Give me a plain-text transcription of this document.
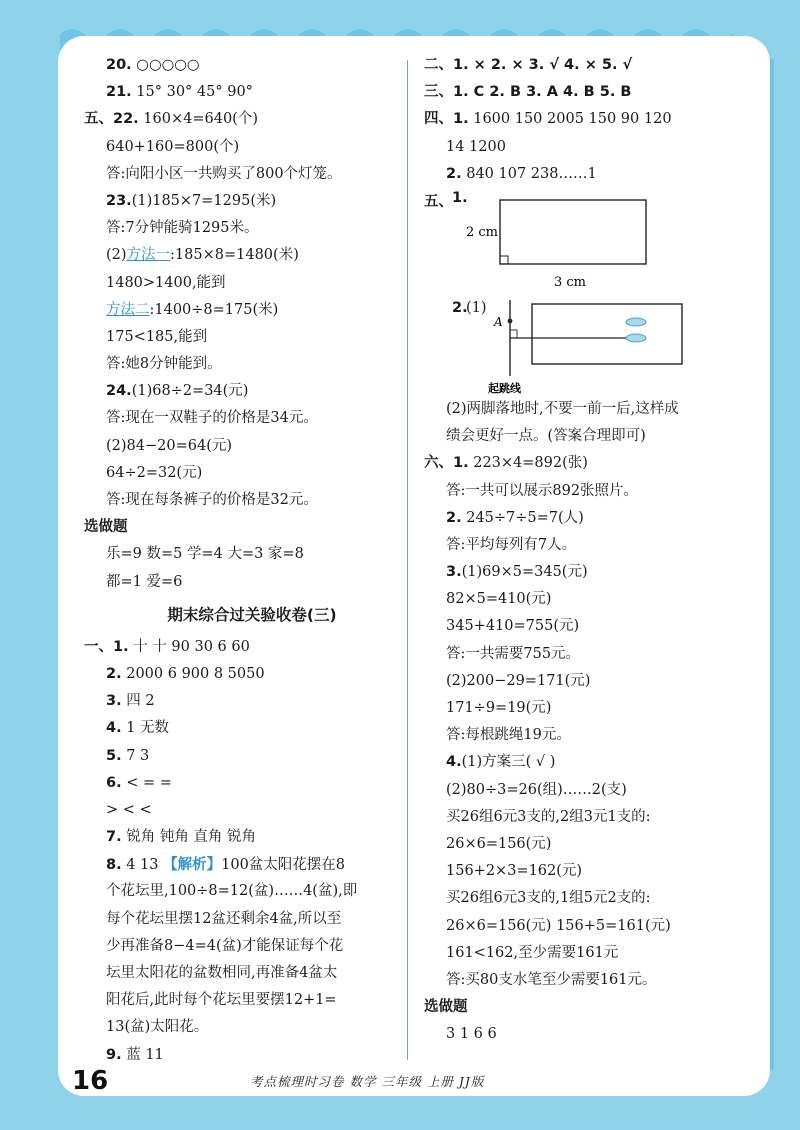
20. ○○○○○
21. 15° 30° 45° 90°
五、22. 160×4=640(个)
640+160=800(个)
答:向阳小区一共购买了800个灯笼。
23.(1)185×7=1295(米)
答:7分钟能骑1295米。
(2)方法一:185×8=1480(米)
1480>1400,能到
方法二:1400÷8=175(米)
175<185,能到
答:她8分钟能到。
24.(1)68÷2=34(元)
答:现在一双鞋子的价格是34元。
(2)84−20=64(元)
64÷2=32(元)
答:现在每条裤子的价格是32元。
选做题
乐=9 数=5 学=4 大=3 家=8
都=1 爱=6
期末综合过关验收卷(三)
一、1. 十 十 90 30 6 60
2. 2000 6 900 8 5050
3. 四 2
4. 1 无数
5. 7 3
6. < = =
> < <
7. 锐角 钝角 直角 锐角
8. 4 13 【解析】100盆太阳花摆在8
个花坛里,100÷8=12(盆)……4(盆),即
每个花坛里摆12盆还剩余4盆,所以至
少再准备8−4=4(盆)才能保证每个花
坛里太阳花的盆数相同,再准备4盆太
阳花后,此时每个花坛里要摆12+1=
13(盆)太阳花。
9. 蓝 11
二、1. × 2. × 3. √ 4. × 5. √
三、1. C 2. B 3. A 4. B 5. B
四、1. 1600 150 2005 150 90 120
14 1200
2. 840 107 238……1
五、 1.
2 cm
3 cm
2.
(1)
A
起跳线
(2)两脚落地时,不要一前一后,这样成
绩会更好一点。(答案合理即可)
六、1. 223×4=892(张)
答:一共可以展示892张照片。
2. 245÷7÷5=7(人)
答:平均每列有7人。
3.(1)69×5=345(元)
82×5=410(元)
345+410=755(元)
答:一共需要755元。
(2)200−29=171(元)
171÷9=19(元)
答:每根跳绳19元。
4.(1)方案三( √ )
(2)80÷3=26(组)……2(支)
买26组6元3支的,2组3元1支的:
26×6=156(元)
156+2×3=162(元)
买26组6元3支的,1组5元2支的:
26×6=156(元) 156+5=161(元)
161<162,至少需要161元
答:买80支水笔至少需要161元。
选做题
3 1 6 6
16	考点梳理时习卷 数学 三年级 上册 JJ版
